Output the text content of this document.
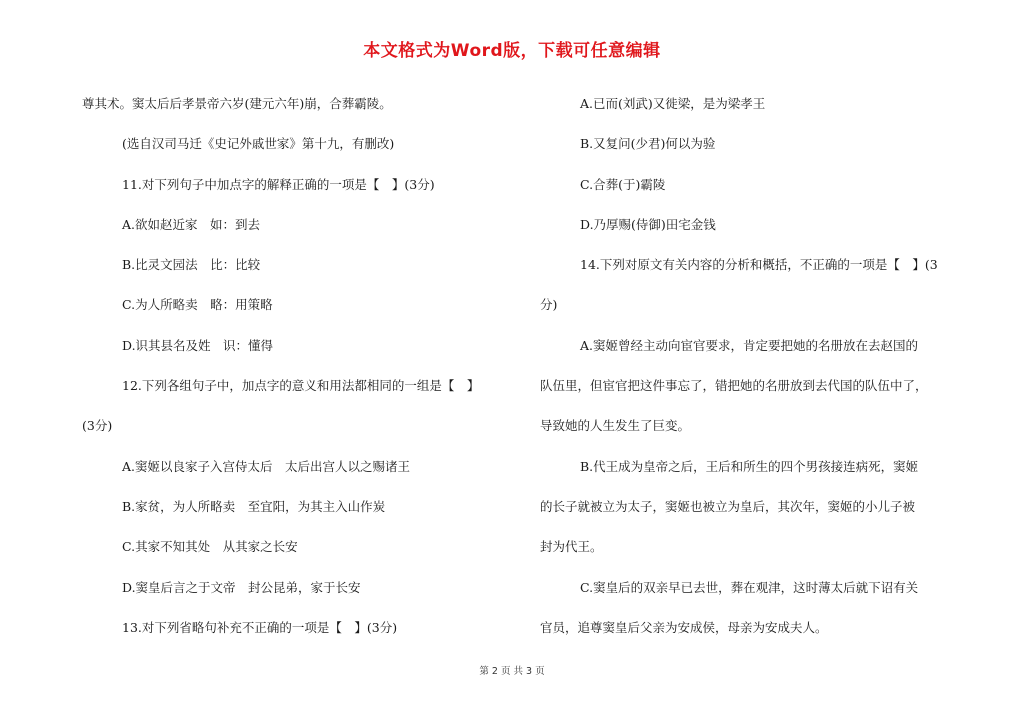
本文格式为Word版，下载可任意编辑
尊其术。窦太后后孝景帝六岁(建元六年)崩，合葬霸陵。
(选自汉司马迁《史记外戚世家》第十九，有删改)
11.对下列句子中加点字的解释正确的一项是【　】(3分)
A.欲如赵近家　如：到去
B.比灵文园法　比：比较
C.为人所略卖　略：用策略
D.识其县名及姓　识：懂得
12.下列各组句子中，加点字的意义和用法都相同的一组是【　】
(3分)
A.窦姬以良家子入宫侍太后　太后出宫人以之赐诸王
B.家贫，为人所略卖　至宜阳，为其主入山作炭
C.其家不知其处　从其家之长安
D.窦皇后言之于文帝　封公昆弟，家于长安
13.对下列省略句补充不正确的一项是【　】(3分)
A.已而(刘武)又徙梁，是为梁孝王
B.又复问(少君)何以为验
C.合葬(于)霸陵
D.乃厚赐(侍御)田宅金钱
14.下列对原文有关内容的分析和概括，不正确的一项是【　】(3
分)
A.窦姬曾经主动向宦官要求，肯定要把她的名册放在去赵国的
队伍里，但宦官把这件事忘了，错把她的名册放到去代国的队伍中了，
导致她的人生发生了巨变。
B.代王成为皇帝之后，王后和所生的四个男孩接连病死，窦姬
的长子就被立为太子，窦姬也被立为皇后，其次年，窦姬的小儿子被
封为代王。
C.窦皇后的双亲早已去世，葬在观津，这时薄太后就下诏有关
官员，追尊窦皇后父亲为安成侯，母亲为安成夫人。
第 2 页 共 3 页
